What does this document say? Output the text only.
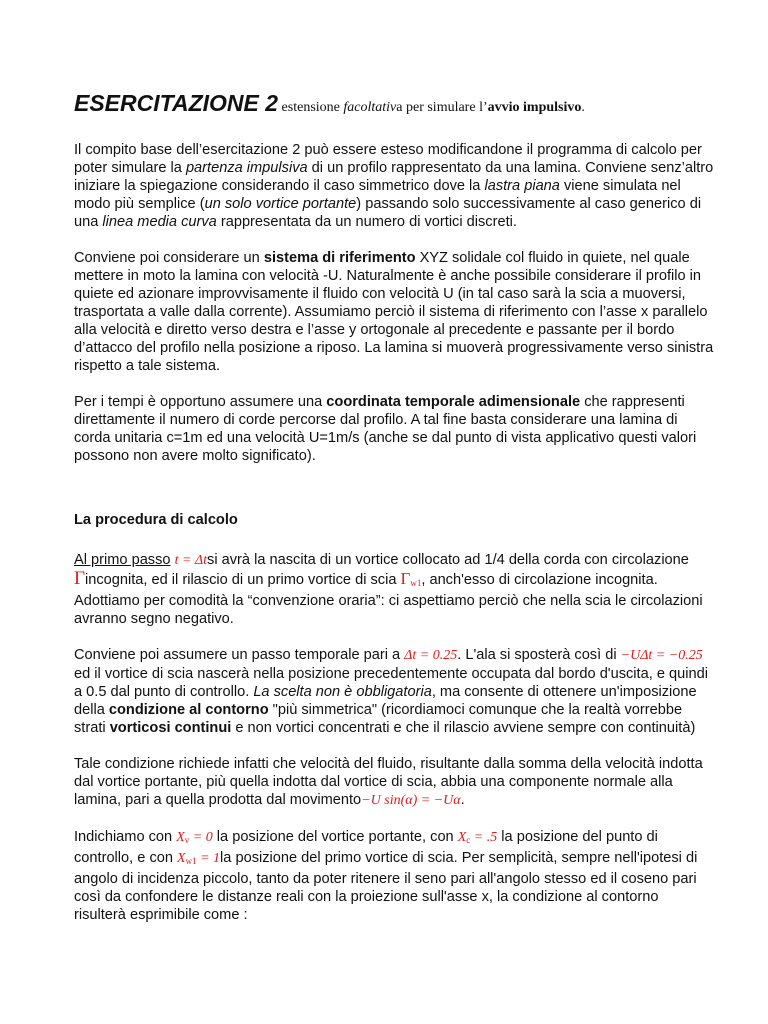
ESERCITAZIONE 2 estensione facoltativa per simulare l’avvio impulsivo.

Il compito base dell’esercitazione 2 può essere esteso modificandone il programma di calcolo per poter simulare la partenza impulsiva di un profilo rappresentato da una lamina. Conviene senz’altro iniziare la spiegazione considerando il caso simmetrico dove la lastra piana viene simulata nel modo più semplice (un solo vortice portante) passando solo successivamente al caso generico di una linea media curva rappresentata da un numero di vortici discreti.

Conviene poi considerare un sistema di riferimento XYZ solidale col fluido in quiete, nel quale mettere in moto la lamina con velocità -U. Naturalmente è anche possibile considerare il profilo in quiete ed azionare improvvisamente il fluido con velocità U (in tal caso sarà la scia a muoversi, trasportata a valle dalla corrente). Assumiamo perciò il sistema di riferimento con l’asse x parallelo alla velocità e diretto verso destra e l’asse y ortogonale al precedente e passante per il bordo d’attacco del profilo nella posizione a riposo. La lamina si muoverà progressivamente verso sinistra rispetto a tale sistema.

Per i tempi è opportuno assumere una coordinata temporale adimensionale che rappresenti direttamente il numero di corde percorse dal profilo. A tal fine basta considerare una lamina di corda unitaria c=1m ed una velocità U=1m/s (anche se dal punto di vista applicativo questi valori possono non avere molto significato).

La procedura di calcolo

Al primo passo t = Δtsi avrà la nascita di un vortice collocato ad 1/4 della corda con circolazione Γincognita, ed il rilascio di un primo vortice di scia $\Gamma_{w1}$, anch'esso di circolazione incognita. Adottiamo per comodità la “convenzione oraria”: ci aspettiamo perciò che nella scia le circolazioni avranno segno negativo.

Conviene poi assumere un passo temporale pari a Δt = 0.25. L'ala si sposterà così di −UΔt = −0.25 ed il vortice di scia nascerà nella posizione precedentemente occupata dal bordo d'uscita, e quindi a 0.5 dal punto di controllo. La scelta non è obbligatoria, ma consente di ottenere un'imposizione della condizione al contorno "più simmetrica" (ricordiamoci comunque che la realtà vorrebbe strati vorticosi continui e non vortici concentrati e che il rilascio avviene sempre con continuità)

Tale condizione richiede infatti che velocità del fluido, risultante dalla somma della velocità indotta dal vortice portante, più quella indotta dal vortice di scia, abbia una componente normale alla lamina, pari a quella prodotta dal movimento−U sin(α) = −Uα.

Indichiamo con $X_v = 0$ la posizione del vortice portante, con $X_c = .5$ la posizione del punto di controllo, e con $X_{w1} = 1la$ posizione del primo vortice di scia. Per semplicità, sempre nell'ipotesi di angolo di incidenza piccolo, tanto da poter ritenere il seno pari all'angolo stesso ed il coseno pari così da confondere le distanze reali con la proiezione sull'asse x, la condizione al contorno risulterà esprimibile come :
